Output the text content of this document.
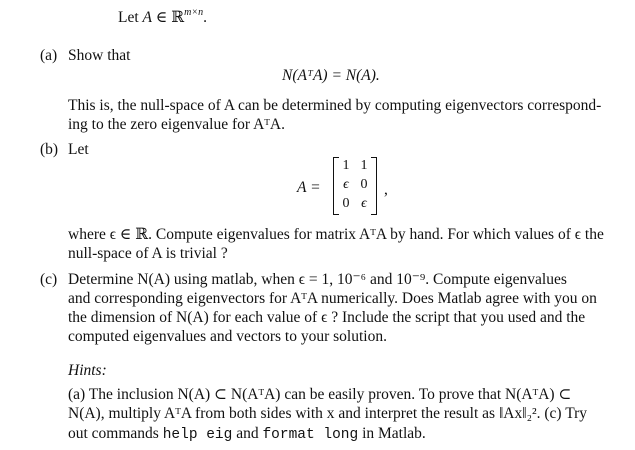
Let A ∈ ℝ$^{m\times n}$.
(a) Show that
N(AᵀA) = N(A).
This is, the null-space of A can be determined by computing eigenvectors correspond-
ing to the zero eigenvalue for AᵀA.
(b) Let
A =
1 1
ϵ 0
0 ϵ
,
where ϵ ∈ ℝ. Compute eigenvalues for matrix AᵀA by hand. For which values of ϵ the
null-space of A is trivial ?
(c) Determine N(A) using matlab, when ϵ = 1, 10⁻⁶ and 10⁻⁹. Compute eigenvalues
and corresponding eigenvectors for AᵀA numerically. Does Matlab agree with you on
the dimension of N(A) for each value of ϵ ? Include the script that you used and the
computed eigenvalues and vectors to your solution.
Hints:
(a) The inclusion N(A) ⊂ N(AᵀA) can be easily proven. To prove that N(AᵀA) ⊂
N(A), multiply AᵀA from both sides with x and interpret the result as ‖Ax‖₂². (c) Try
out commands help eig and format long in Matlab.
